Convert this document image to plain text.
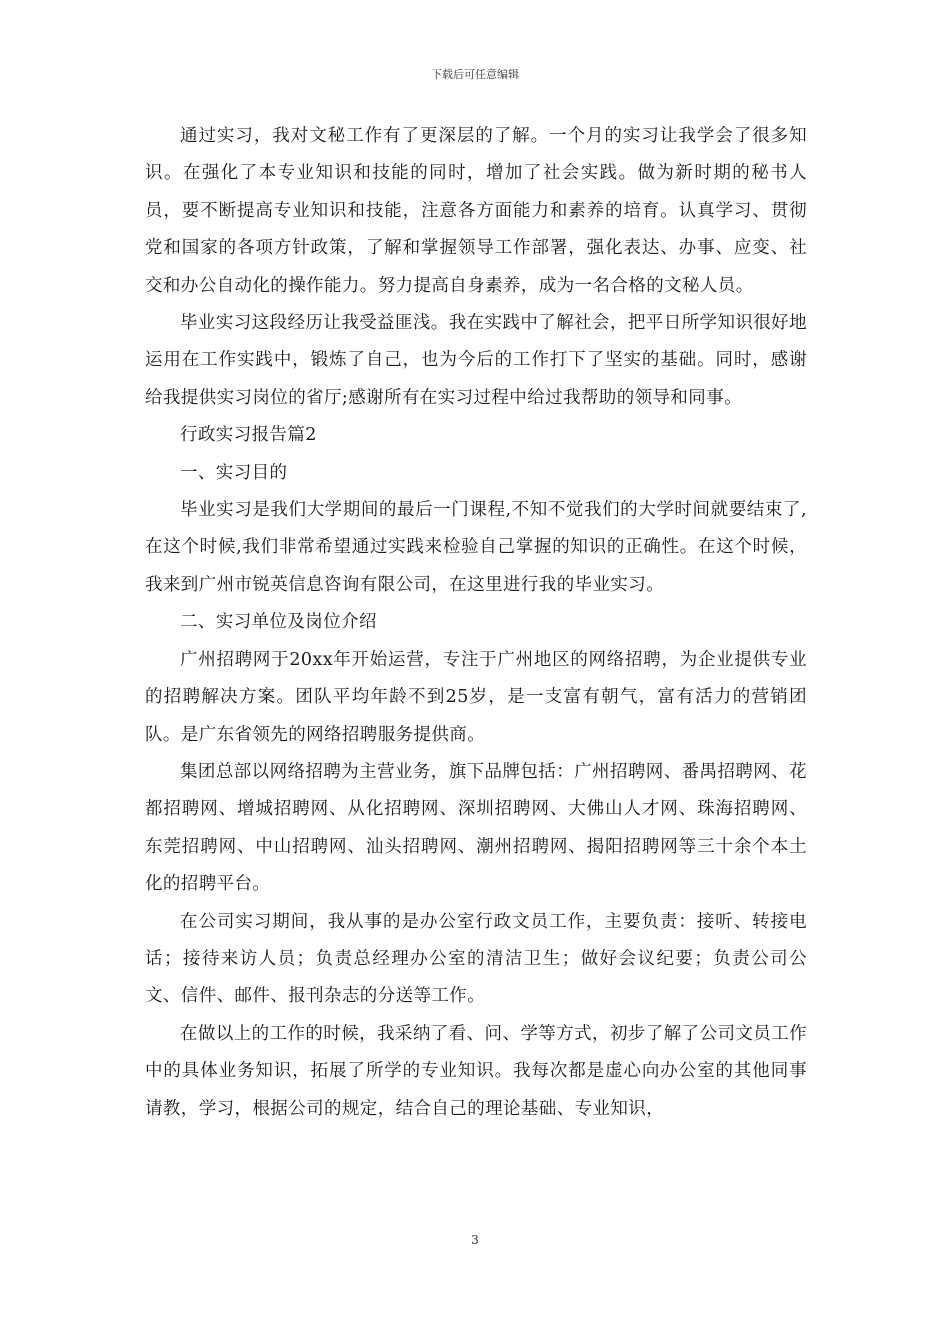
下载后可任意编辑

通过实习，我对文秘工作有了更深层的了解。一个月的实习让我学会了很多知识。在强化了本专业知识和技能的同时，增加了社会实践。做为新时期的秘书人员，要不断提高专业知识和技能，注意各方面能力和素养的培育。认真学习、贯彻党和国家的各项方针政策，了解和掌握领导工作部署，强化表达、办事、应变、社交和办公自动化的操作能力。努力提高自身素养，成为一名合格的文秘人员。

毕业实习这段经历让我受益匪浅。我在实践中了解社会，把平日所学知识很好地运用在工作实践中，锻炼了自己，也为今后的工作打下了坚实的基础。同时，感谢给我提供实习岗位的省厅;感谢所有在实习过程中给过我帮助的领导和同事。

行政实习报告篇2

一、实习目的

毕业实习是我们大学期间的最后一门课程,不知不觉我们的大学时间就要结束了,在这个时候,我们非常希望通过实践来检验自己掌握的知识的正确性。在这个时候，我来到广州市锐英信息咨询有限公司，在这里进行我的毕业实习。

二、实习单位及岗位介绍

广州招聘网于20xx年开始运营，专注于广州地区的网络招聘，为企业提供专业的招聘解决方案。团队平均年龄不到25岁，是一支富有朝气，富有活力的营销团队。是广东省领先的网络招聘服务提供商。

集团总部以网络招聘为主营业务，旗下品牌包括：广州招聘网、番禺招聘网、花都招聘网、增城招聘网、从化招聘网、深圳招聘网、大佛山人才网、珠海招聘网、东莞招聘网、中山招聘网、汕头招聘网、潮州招聘网、揭阳招聘网等三十余个本土化的招聘平台。

在公司实习期间，我从事的是办公室行政文员工作，主要负责：接听、转接电话；接待来访人员；负责总经理办公室的清洁卫生；做好会议纪要；负责公司公文、信件、邮件、报刊杂志的分送等工作。

在做以上的工作的时候，我采纳了看、问、学等方式，初步了解了公司文员工作中的具体业务知识，拓展了所学的专业知识。我每次都是虚心向办公室的其他同事请教，学习，根据公司的规定，结合自己的理论基础、专业知识，

3
